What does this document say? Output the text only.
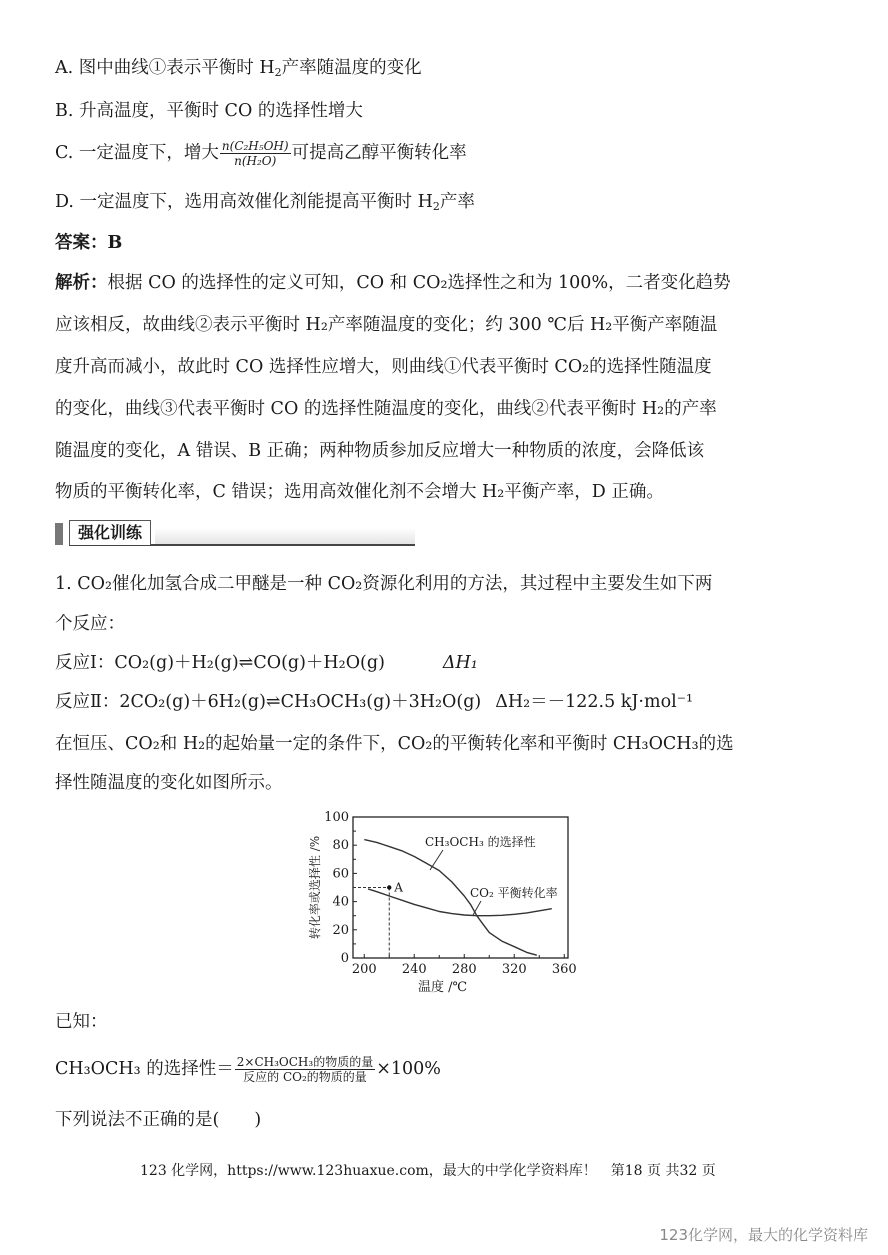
A. 图中曲线①表示平衡时 $H_2$产率随温度的变化
B. 升高温度，平衡时 CO 的选择性增大
C. 一定温度下，增大 $\frac{\text{n(C₂H₅OH)}}{\text{n(H₂O)}}$ 可提高乙醇平衡转化率
D. 一定温度下，选用高效催化剂能提高平衡时 $H_2$产率
答案：B
解析：根据 CO 的选择性的定义可知，CO 和 CO₂选择性之和为 100%，二者变化趋势
应该相反，故曲线②表示平衡时 H₂产率随温度的变化；约 300 ℃后 H₂平衡产率随温
度升高而减小，故此时 CO 选择性应增大，则曲线①代表平衡时 CO₂的选择性随温度
的变化，曲线③代表平衡时 CO 的选择性随温度的变化，曲线②代表平衡时 H₂的产率
随温度的变化，A 错误、B 正确；两种物质参加反应增大一种物质的浓度，会降低该
物质的平衡转化率，C 错误；选用高效催化剂不会增大 H₂平衡产率，D 正确。
强化训练
1. CO₂催化加氢合成二甲醚是一种 CO₂资源化利用的方法，其过程中主要发生如下两
个反应：
反应Ⅰ：CO₂(g)＋H₂(g)⇌CO(g)＋H₂O(g)	ΔH₁
反应Ⅱ：2CO₂(g)＋6H₂(g)⇌CH₃OCH₃(g)＋3H₂O(g) ΔH₂＝－122.5 kJ·mol⁻¹
在恒压、CO₂和 H₂的起始量一定的条件下，CO₂的平衡转化率和平衡时 CH₃OCH₃的选
择性随温度的变化如图所示。
200 240 280 320 360
0
20
40
60
80
100
温度 /℃
转化率或选择性 /%	CH₃OCH₃ 的选择性
CO₂ 平衡转化率
A
已知：
CH₃OCH₃ 的选择性＝ $\frac{\text{2×CH₃OCH₃的物质的量}}{\text{反应的 CO₂的物质的量}} \times 100\%$
下列说法不正确的是(　　)
123 化学网，https://www.123huaxue.com，最大的中学化学资料库！　第18 页 共32 页
123化学网，最大的化学资料库
